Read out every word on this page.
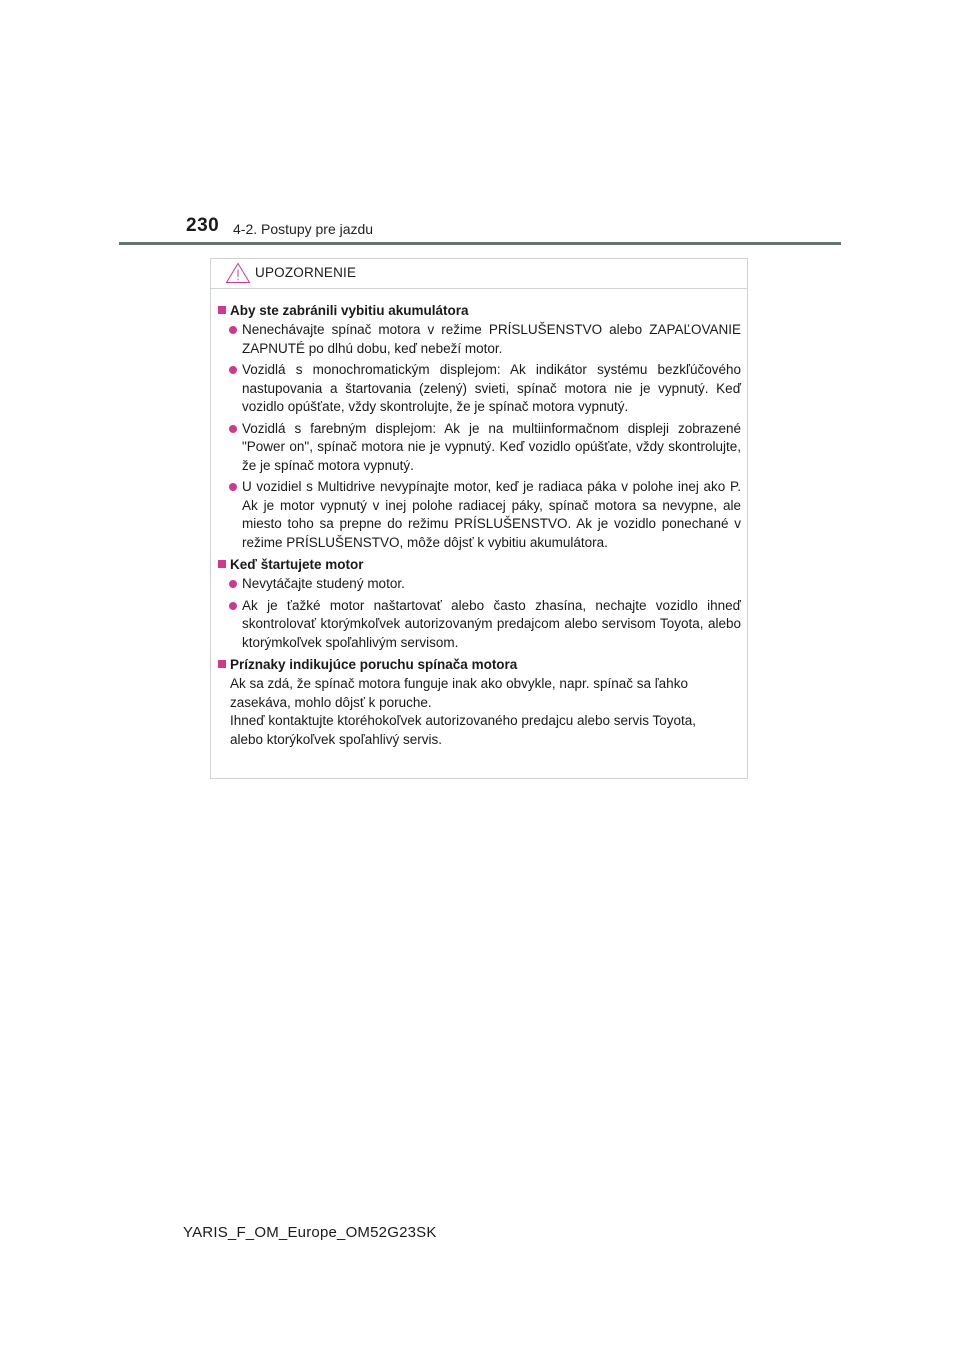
230 4-2. Postupy pre jazdu
UPOZORNENIE
Aby ste zabránili vybitiu akumulátora
Nenechávajte spínač motora v režime PRÍSLUŠENSTVO alebo ZAPAĽOVANIE ZAPNUTÉ po dlhú dobu, keď nebeží motor.
Vozidlá s monochromatickým displejom: Ak indikátor systému bezkľúčového nastupovania a štartovania (zelený) svieti, spínač motora nie je vypnutý. Keď vozidlo opúšťate, vždy skontrolujte, že je spínač motora vypnutý.
Vozidlá s farebným displejom: Ak je na multiinformačnom displeji zobrazené "Power on", spínač motora nie je vypnutý. Keď vozidlo opúšťate, vždy skontrolujte, že je spínač motora vypnutý.
U vozidiel s Multidrive nevypínajte motor, keď je radiaca páka v polohe inej ako P. Ak je motor vypnutý v inej polohe radiacej páky, spínač motora sa nevypne, ale miesto toho sa prepne do režimu PRÍSLUŠENSTVO. Ak je vozidlo ponechané v režime PRÍSLUŠENSTVO, môže dôjsť k vybitiu akumulátora.
Keď štartujete motor
Nevytáčajte studený motor.
Ak je ťažké motor naštartovať alebo často zhasína, nechajte vozidlo ihneď skontrolovať ktorýmkoľvek autorizovaným predajcom alebo servisom Toyota, alebo ktorýmkoľvek spoľahlivým servisom.
Príznaky indikujúce poruchu spínača motora
Ak sa zdá, že spínač motora funguje inak ako obvykle, napr. spínač sa ľahko
zasekáva, mohlo dôjsť k poruche.
Ihneď kontaktujte ktoréhokoľvek autorizovaného predajcu alebo servis Toyota,
alebo ktorýkoľvek spoľahlivý servis.
YARIS_F_OM_Europe_OM52G23SK
